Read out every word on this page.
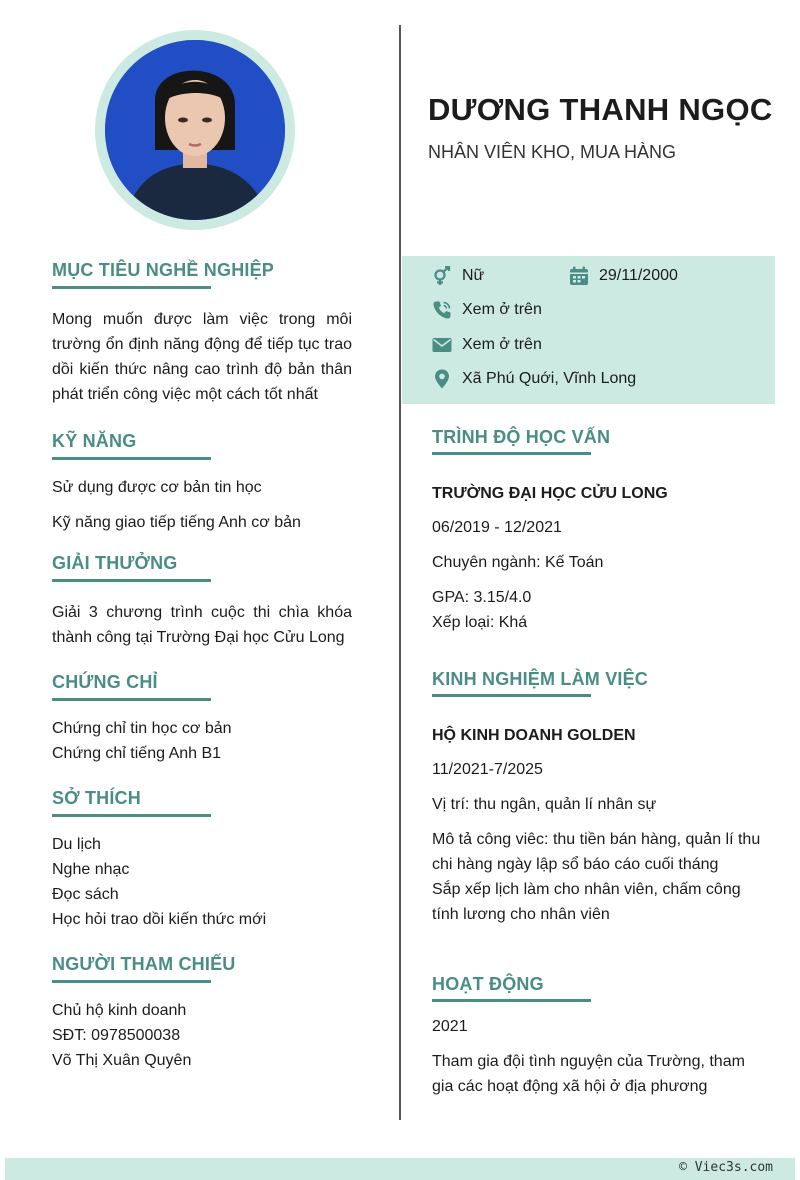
DƯƠNG THANH NGỌC
NHÂN VIÊN KHO, MUA HÀNG
Nữ	29/11/2000
Xem ở trên
Xem ở trên
Xã Phú Quới, Vĩnh Long
MỤC TIÊU NGHỀ NGHIỆP
Mong muốn được làm việc trong môi trường ổn định năng động để tiếp tục trao dồi kiến thức nâng cao trình độ bản thân phát triển công việc một cách tốt nhất
KỸ NĂNG
Sử dụng được cơ bản tin học
Kỹ năng giao tiếp tiếng Anh cơ bản
GIẢI THƯỞNG
Giải 3 chương trình cuộc thi chìa khóa thành công tại Trường Đại học Cửu Long
CHỨNG CHỈ
Chứng chỉ tin học cơ bản
Chứng chỉ tiếng Anh B1
SỞ THÍCH
Du lịch
Nghe nhạc
Đọc sách
Học hỏi trao dồi kiến thức mới
NGƯỜI THAM CHIẾU
Chủ hộ kinh doanh
SĐT: 0978500038
Võ Thị Xuân Quyên
TRÌNH ĐỘ HỌC VẤN
TRƯỜNG ĐẠI HỌC CỬU LONG
06/2019 - 12/2021
Chuyên ngành: Kế Toán
GPA: 3.15/4.0
Xếp loại: Khá
KINH NGHIỆM LÀM VIỆC
HỘ KINH DOANH GOLDEN
11/2021-7/2025
Vị trí: thu ngân, quản lí nhân sự
Mô tả công viêc: thu tiền bán hàng, quản lí thu chi hàng ngày lập sổ báo cáo cuối tháng
Sắp xếp lịch làm cho nhân viên, chấm công tính lương cho nhân viên
HOẠT ĐỘNG
2021
Tham gia đội tình nguyện của Trường, tham gia các hoạt động xã hội ở địa phương
© Viec3s.com
